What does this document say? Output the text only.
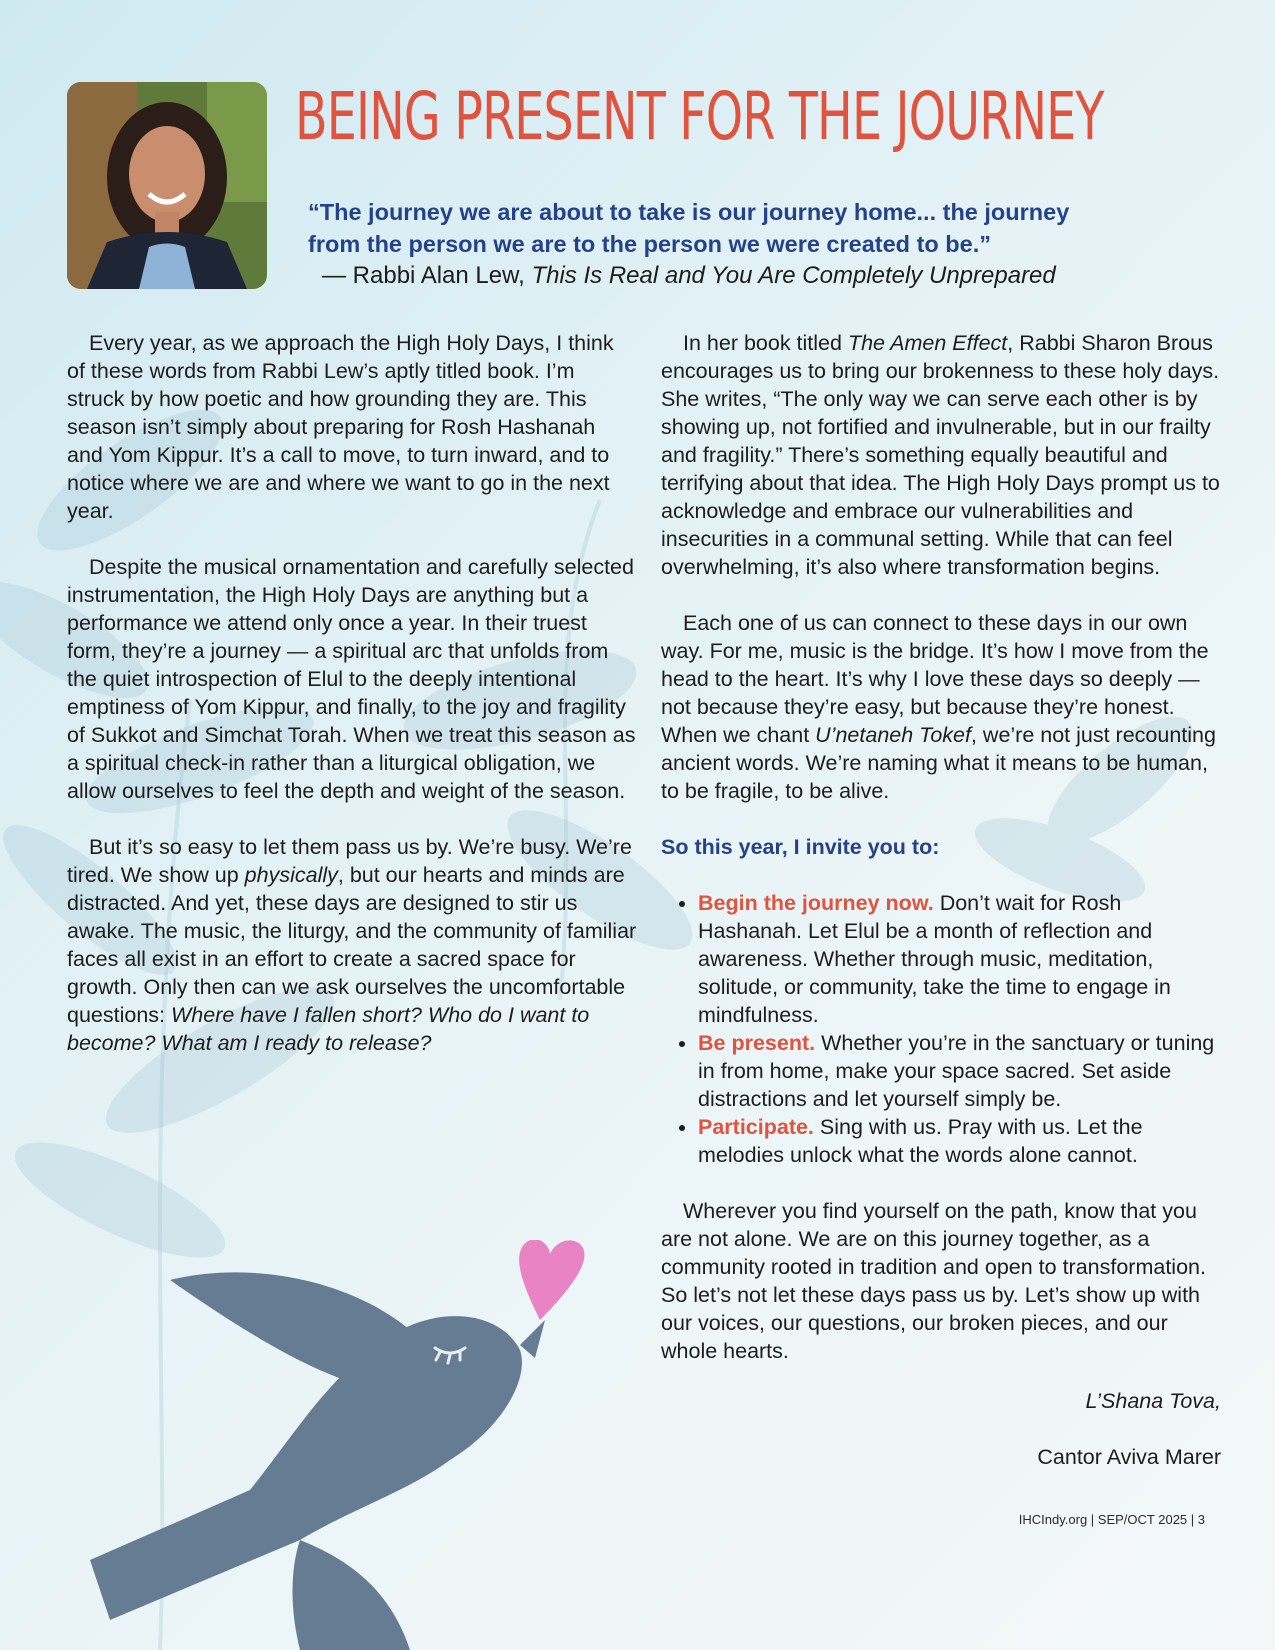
BEING PRESENT FOR THE JOURNEY
“The journey we are about to take is our journey home... the journey
from the person we are to the person we were created to be.”
— Rabbi Alan Lew, This Is Real and You Are Completely Unprepared

Every year, as we approach the High Holy Days, I think of these words from Rabbi Lew’s aptly titled book. I’m struck by how poetic and how grounding they are. This season isn’t simply about preparing for Rosh Hashanah and Yom Kippur. It’s a call to move, to turn inward, and to notice where we are and where we want to go in the next year.

Despite the musical ornamentation and carefully selected instrumentation, the High Holy Days are anything but a performance we attend only once a year. In their truest form, they’re a journey — a spiritual arc that unfolds from the quiet introspection of Elul to the deeply intentional emptiness of Yom Kippur, and finally, to the joy and fragility of Sukkot and Simchat Torah. When we treat this season as a spiritual check-in rather than a liturgical obligation, we allow ourselves to feel the depth and weight of the season.

But it’s so easy to let them pass us by. We’re busy. We’re tired. We show up physically, but our hearts and minds are distracted. And yet, these days are designed to stir us awake. The music, the liturgy, and the community of familiar faces all exist in an effort to create a sacred space for growth. Only then can we ask ourselves the uncomfortable questions: Where have I fallen short? Who do I want to become? What am I ready to release?

In her book titled The Amen Effect, Rabbi Sharon Brous encourages us to bring our brokenness to these holy days. She writes, “The only way we can serve each other is by showing up, not fortified and invulnerable, but in our frailty and fragility.” There’s something equally beautiful and terrifying about that idea. The High Holy Days prompt us to acknowledge and embrace our vulnerabilities and insecurities in a communal setting. While that can feel overwhelming, it’s also where transformation begins.

Each one of us can connect to these days in our own way. For me, music is the bridge. It’s how I move from the head to the heart. It’s why I love these days so deeply — not because they’re easy, but because they’re honest. When we chant U’netaneh Tokef, we’re not just recounting ancient words. We’re naming what it means to be human, to be fragile, to be alive.

So this year, I invite you to:

• Begin the journey now. Don’t wait for Rosh Hashanah. Let Elul be a month of reflection and awareness. Whether through music, meditation, solitude, or community, take the time to engage in mindfulness.
• Be present. Whether you’re in the sanctuary or tuning in from home, make your space sacred. Set aside distractions and let yourself simply be.
• Participate. Sing with us. Pray with us. Let the melodies unlock what the words alone cannot.

Wherever you find yourself on the path, know that you are not alone. We are on this journey together, as a community rooted in tradition and open to transformation. So let’s not let these days pass us by. Let’s show up with our voices, our questions, our broken pieces, and our whole hearts.

L’Shana Tova,

Cantor Aviva Marer

IHCIndy.org | SEP/OCT 2025 | 3
